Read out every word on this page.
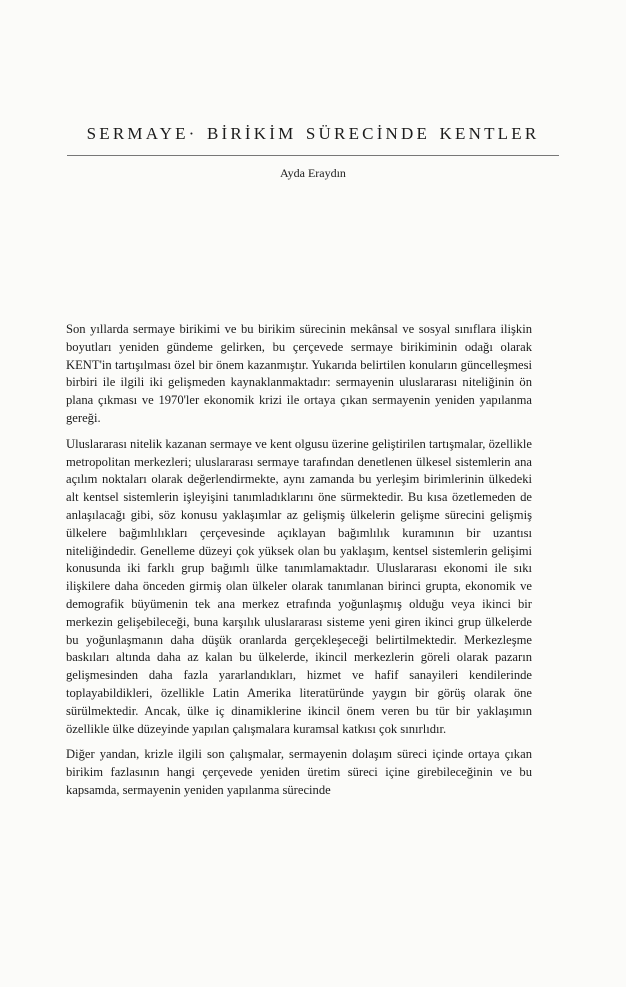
SERMAYE· BİRİKİM SÜRECİNDE KENTLER
Ayda Eraydın

Son yıllarda sermaye birikimi ve bu birikim sürecinin mekânsal ve sosyal sınıflara ilişkin boyutları yeniden gündeme gelirken, bu çerçevede sermaye birikiminin odağı olarak KENT'in tartışılması özel bir önem kazanmıştır. Yukarıda belirtilen konuların güncelleşmesi birbiri ile ilgili iki gelişmeden kaynaklanmaktadır: sermayenin uluslararası niteliğinin ön plana çıkması ve 1970'ler ekonomik krizi ile ortaya çıkan sermayenin yeniden yapılanma gereği.

Uluslararası nitelik kazanan sermaye ve kent olgusu üzerine geliştirilen tartışmalar, özellikle metropolitan merkezleri; uluslararası sermaye tarafından denetlenen ülkesel sistemlerin ana açılım noktaları olarak değerlendirmekte, aynı zamanda bu yerleşim birimlerinin ülkedeki alt kentsel sistemlerin işleyişini tanımladıklarını öne sürmektedir. Bu kısa özetlemeden de anlaşılacağı gibi, söz konusu yaklaşımlar az gelişmiş ülkelerin gelişme sürecini gelişmiş ülkelere bağımlılıkları çerçevesinde açıklayan bağımlılık kuramının bir uzantısı niteliğindedir. Genelleme düzeyi çok yüksek olan bu yaklaşım, kentsel sistemlerin gelişimi konusunda iki farklı grup bağımlı ülke tanımlamaktadır. Uluslararası ekonomi ile sıkı ilişkilere daha önceden girmiş olan ülkeler olarak tanımlanan birinci grupta, ekonomik ve demografik büyümenin tek ana merkez etrafında yoğunlaşmış olduğu veya ikinci bir merkezin gelişebileceği, buna karşılık uluslararası sisteme yeni giren ikinci grup ülkelerde bu yoğunlaşmanın daha düşük oranlarda gerçekleşeceği belirtilmektedir. Merkezleşme baskıları altında daha az kalan bu ülkelerde, ikincil merkezlerin göreli olarak pazarın gelişmesinden daha fazla yararlandıkları, hizmet ve hafif sanayileri kendilerinde toplayabildikleri, özellikle Latin Amerika literatüründe yaygın bir görüş olarak öne sürülmektedir. Ancak, ülke iç dinamiklerine ikincil önem veren bu tür bir yaklaşımın özellikle ülke düzeyinde yapılan çalışmalara kuramsal katkısı çok sınırlıdır.

Diğer yandan, krizle ilgili son çalışmalar, sermayenin dolaşım süreci içinde ortaya çıkan birikim fazlasının hangi çerçevede yeniden üretim süreci içine girebileceğinin ve bu kapsamda, sermayenin yeniden yapılanma sürecinde
